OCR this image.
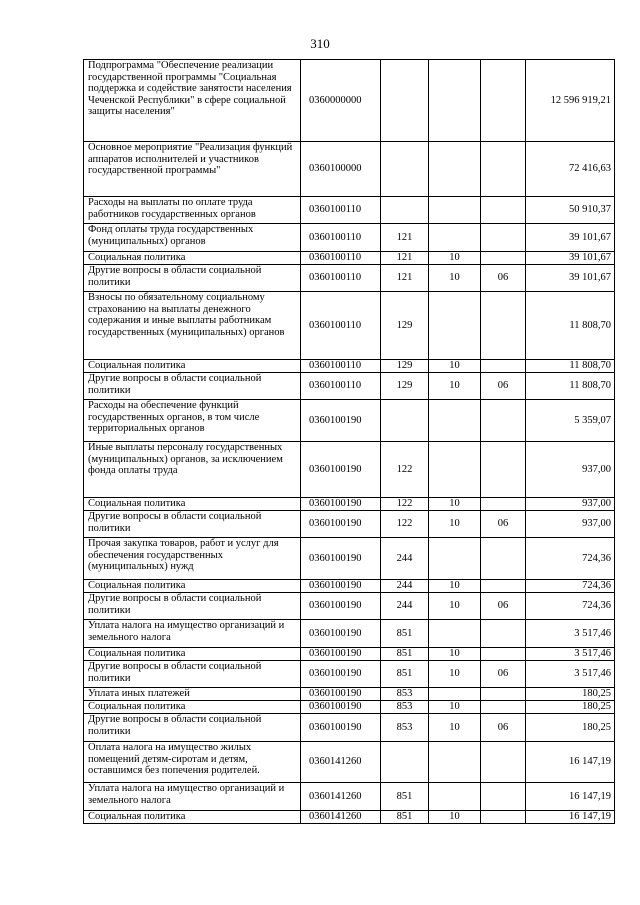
310
Подпрограмма "Обеспечение реализации государственной программы "Социальная поддержка и содействие занятости населения Чеченской Республики" в сфере социальной защиты населения"	0360000000				12 596 919,21
Основное мероприятие "Реализация функций аппаратов исполнителей и участников государственной программы"	0360100000				72 416,63
Расходы на выплаты по оплате труда работников государственных органов	0360100110				50 910,37
Фонд оплаты труда государственных (муниципальных) органов	0360100110	121			39 101,67
Социальная политика	0360100110	121	10		39 101,67
Другие вопросы в области социальной политики	0360100110	121	10	06	39 101,67
Взносы по обязательному социальному страхованию на выплаты денежного содержания и иные выплаты работникам государственных (муниципальных) органов	0360100110	129			11 808,70
Социальная политика	0360100110	129	10		11 808,70
Другие вопросы в области социальной политики	0360100110	129	10	06	11 808,70
Расходы на обеспечение функций государственных органов, в том числе территориальных органов	0360100190				5 359,07
Иные выплаты персоналу государственных (муниципальных) органов, за исключением фонда оплаты труда	0360100190	122			937,00
Социальная политика	0360100190	122	10		937,00
Другие вопросы в области социальной политики	0360100190	122	10	06	937,00
Прочая закупка товаров, работ и услуг для обеспечения государственных (муниципальных) нужд	0360100190	244			724,36
Социальная политика	0360100190	244	10		724,36
Другие вопросы в области социальной политики	0360100190	244	10	06	724,36
Уплата налога на имущество организаций и земельного налога	0360100190	851			3 517,46
Социальная политика	0360100190	851	10		3 517,46
Другие вопросы в области социальной политики	0360100190	851	10	06	3 517,46
Уплата иных платежей	0360100190	853			180,25
Социальная политика	0360100190	853	10		180,25
Другие вопросы в области социальной политики	0360100190	853	10	06	180,25
Оплата налога на имущество жилых помещений детям-сиротам и детям, оставшимся без попечения родителей.	0360141260				16 147,19
Уплата налога на имущество организаций и земельного налога	0360141260	851			16 147,19
Социальная политика	0360141260	851	10		16 147,19
